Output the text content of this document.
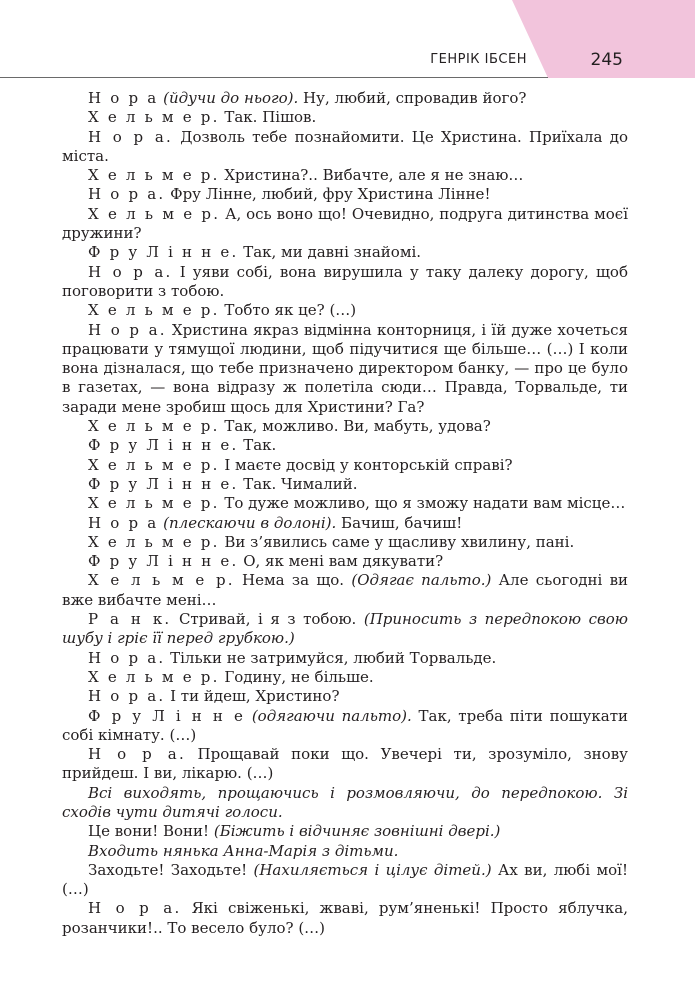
ГЕНРІК ІБСЕН	245

Н о р а (йдучи до нього). Ну, любий, спровадив його?

Х е л ь м е р. Так. Пішов.

Н о р а. Дозволь тебе познайомити. Це Христина. Приїхала до міста.

Х е л ь м е р. Христина?.. Вибачте, але я не знаю…

Н о р а. Фру Лінне, любий, фру Христина Лінне!

Х е л ь м е р. А, ось воно що! Очевидно, подруга дитинства моєї дружини?

Ф р у Л і н н е. Так, ми давні знайомі.

Н о р а. І уяви собі, вона вирушила у таку далеку дорогу, щоб поговорити з тобою.

Х е л ь м е р. Тобто як це? (…)

Н о р а. Христина якраз відмінна конторниця, і їй дуже хочеться працювати у тямущої людини, щоб підучитися ще більше… (…) І коли вона дізналася, що тебе призначено директором банку, — про це було в газетах, — вона відразу ж полетіла сюди… Правда, Торвальде, ти заради мене зробиш щось для Христини? Га?

Х е л ь м е р. Так, можливо. Ви, мабуть, удова?

Ф р у Л і н н е. Так.

Х е л ь м е р. І маєте досвід у конторській справі?

Ф р у Л і н н е. Так. Чималий.

Х е л ь м е р. То дуже можливо, що я зможу надати вам місце…

Н о р а (плескаючи в долоні). Бачиш, бачиш!

Х е л ь м е р. Ви з’явились саме у щасливу хвилину, пані.

Ф р у Л і н н е. О, як мені вам дякувати?

Х е л ь м е р. Нема за що. (Одягає пальто.) Але сьогодні ви вже вибачте мені…

Р а н к. Стривай, і я з тобою. (Приносить з передпокою свою шубу і гріє її перед грубкою.)

Н о р а. Тільки не затримуйся, любий Торвальде.

Х е л ь м е р. Годину, не більше.

Н о р а. І ти йдеш, Христино?

Ф р у Л і н н е (одягаючи пальто). Так, треба піти пошукати собі кімнату. (…)

Н о р а. Прощавай поки що. Увечері ти, зрозуміло, знову прийдеш. І ви, лікарю. (…)

Всі виходять, прощаючись і розмовляючи, до передпокою. Зі сходів чути дитячі голоси.

Це вони! Вони! (Біжить і відчиняє зовнішні двері.)

Входить нянька Анна-Марія з дітьми.

Заходьте! Заходьте! (Нахиляється і цілує дітей.) Ах ви, любі мої! (…)

Н о р а. Які свіженькі, жваві, рум’яненькі! Просто яблучка, розанчики!.. То весело було? (…)
